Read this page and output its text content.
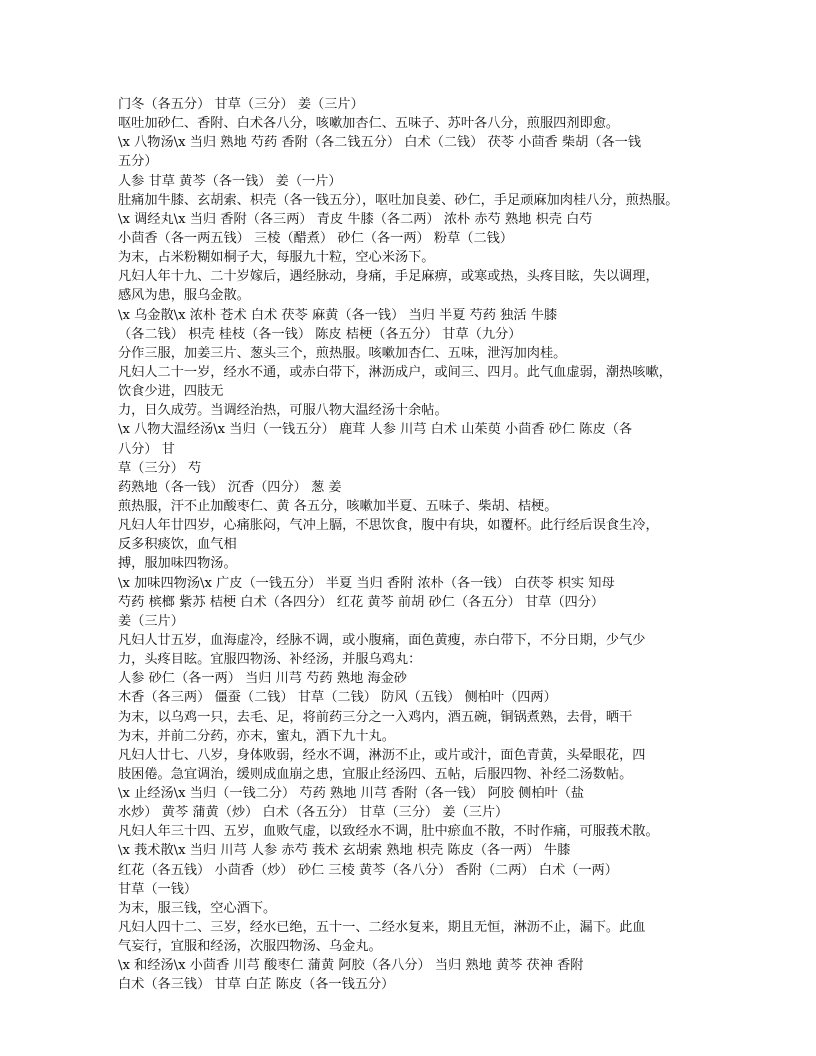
门冬（各五分） 甘草（三分） 姜（三片）
呕吐加砂仁、香附、白术各八分，咳嗽加杏仁、五味子、苏叶各八分，煎服四剂即愈。
\x 八物汤\x 当归 熟地 芍药 香附（各二钱五分） 白术（二钱） 茯苓 小茴香 柴胡（各一钱
五分）
人参 甘草 黄芩（各一钱） 姜（一片）
肚痛加牛膝、玄胡索、枳壳（各一钱五分），呕吐加良姜、砂仁，手足顽麻加肉桂八分，煎热服。
\x 调经丸\x 当归 香附（各三两） 青皮 牛膝（各二两） 浓朴 赤芍 熟地 枳壳 白芍
小茴香（各一两五钱） 三棱（醋煮） 砂仁（各一两） 粉草（二钱）
为末，占米粉糊如桐子大，每服九十粒，空心米汤下。
凡妇人年十九、二十岁嫁后，遇经脉动，身痛，手足麻痹，或寒或热，头疼目眩，失以调理，
感风为患，服乌金散。
\x 乌金散\x 浓朴 苍术 白术 茯苓 麻黄（各一钱） 当归 半夏 芍药 独活 牛膝
（各二钱） 枳壳 桂枝（各一钱） 陈皮 桔梗（各五分） 甘草（九分）
分作三服，加姜三片、葱头三个，煎热服。咳嗽加杏仁、五味，泄泻加肉桂。
凡妇人二十一岁，经水不通，或赤白带下，淋沥成户，或间三、四月。此气血虚弱，潮热咳嗽，
饮食少进，四肢无
力，日久成劳。当调经治热，可服八物大温经汤十余帖。
\x 八物大温经汤\x 当归（一钱五分） 鹿茸 人参 川芎 白术 山茱萸 小茴香 砂仁 陈皮（各
八分） 甘
草（三分） 芍
药熟地（各一钱） 沉香（四分） 葱 姜
煎热服，汗不止加酸枣仁、黄 各五分，咳嗽加半夏、五味子、柴胡、桔梗。
凡妇人年廿四岁，心痛胀闷，气冲上膈，不思饮食，腹中有块，如覆杯。此行经后误食生冷，
反多积痰饮，血气相
搏，服加味四物汤。
\x 加味四物汤\x 广皮（一钱五分） 半夏 当归 香附 浓朴（各一钱） 白茯苓 枳实 知母
芍药 槟榔 紫苏 桔梗 白术（各四分） 红花 黄芩 前胡 砂仁（各五分） 甘草（四分）
姜（三片）
凡妇人廿五岁，血海虚冷，经脉不调，或小腹痛，面色黄瘦，赤白带下，不分日期，少气少
力，头疼目眩。宜服四物汤、补经汤，并服乌鸡丸：
人参 砂仁（各一两） 当归 川芎 芍药 熟地 海金砂
木香（各三两） 僵蚕（二钱） 甘草（二钱） 防风（五钱） 侧柏叶（四两）
为末，以乌鸡一只，去毛、足，将前药三分之一入鸡内，酒五碗，铜锅煮熟，去骨，晒干
为末，并前二分药，亦末，蜜丸，酒下九十丸。
凡妇人廿七、八岁，身体败弱，经水不调，淋沥不止，或片或汁，面色青黄，头晕眼花，四
肢困倦。急宜调治，缓则成血崩之患，宜服止经汤四、五帖，后服四物、补经二汤数帖。
\x 止经汤\x 当归（一钱二分） 芍药 熟地 川芎 香附（各一钱） 阿胶 侧柏叶（盐
水炒） 黄芩 蒲黄（炒） 白术（各五分） 甘草（三分） 姜（三片）
凡妇人年三十四、五岁，血败气虚，以致经水不调，肚中瘀血不散，不时作痛，可服莪术散。
\x 莪术散\x 当归 川芎 人参 赤芍 莪术 玄胡索 熟地 枳壳 陈皮（各一两） 牛膝
红花（各五钱） 小茴香（炒） 砂仁 三棱 黄芩（各八分） 香附（二两） 白术（一两）
甘草（一钱）
为末，服三钱，空心酒下。
凡妇人四十二、三岁，经水已绝，五十一、二经水复来，期且无恒，淋沥不止，漏下。此血
气妄行，宜服和经汤，次服四物汤、乌金丸。
\x 和经汤\x 小茴香 川芎 酸枣仁 蒲黄 阿胶（各八分） 当归 熟地 黄芩 茯神 香附
白术（各三钱） 甘草 白芷 陈皮（各一钱五分）
